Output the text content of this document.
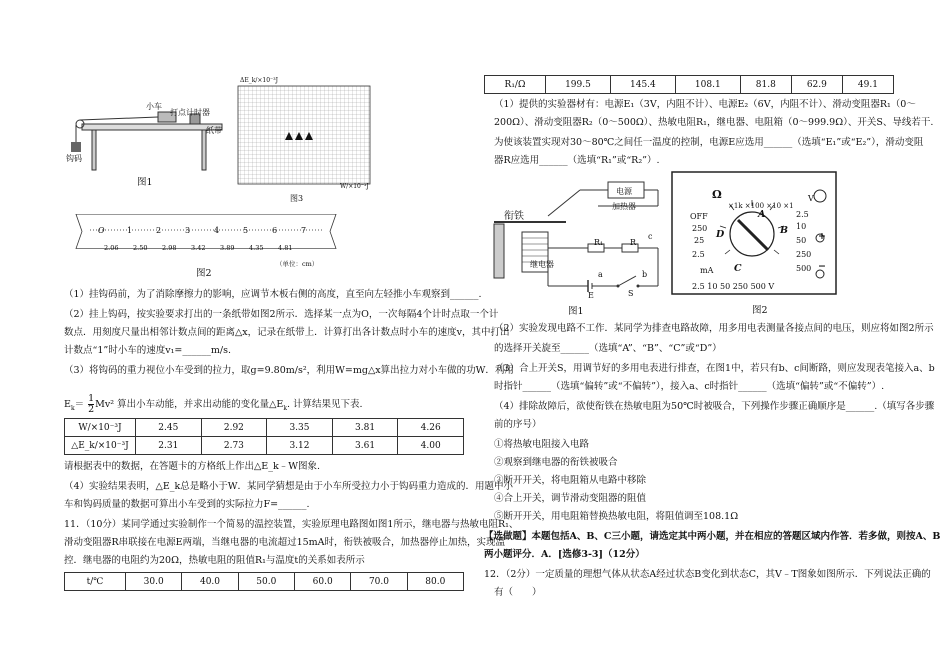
小车
打点计时器
纸带
钩码
图1
ΔE_k/×10⁻³J
W/×10⁻³J
图3
O	1	2	3	4	5	6	7
2.06 2.50 2.98 3.42 3.89 4.35 4.81
（单位：cm）
图2
（1）挂钩码前，为了消除摩擦力的影响，应调节木板右侧的高度，直至向左轻推小车观察到______.
（2）挂上钩码，按实验要求打出的一条纸带如图2所示．选择某一点为O，一次每隔4个计时点取一个计
数点．用刻度尺量出相邻计数点间的距离△x，记录在纸带上．计算打出各计数点时小车的速度v，其中打出
计数点“1”时小车的速度v₁=______m/s.
（3）将钩码的重力视位小车受到的拉力，取g=9.80m/s²，利用W=mg△x算出拉力对小车做的功W．利用
$E_k= \frac{1}{2} Mv^2$ 算出小车动能，并求出动能的变化量$\triangle E_k$. 计算结果见下表.
W/×10⁻³J	2.45	2.92	3.35	3.81	4.26
△E_k/×10⁻³J	2.31	2.73	3.12	3.61	4.00
请根据表中的数据，在答题卡的方格纸上作出△E_k﹣W图象.
（4）实验结果表明，△E_k总是略小于W．某同学猜想是由于小车所受拉力小于钩码重力造成的．用题中小
车和钩码质量的数据可算出小车受到的实际拉力F=______.
11．（10分）某同学通过实验制作一个简易的温控装置，实验原理电路图如图1所示，继电器与热敏电阻R₁、
滑动变阻器R串联接在电源E两端，当继电器的电流超过15mA时，衔铁被吸合，加热器停止加热，实现温
控．继电器的电阻约为20Ω，热敏电阻的阻值R₁与温度t的关系如表所示
t/℃	30.0	40.0	50.0	60.0	70.0	80.0
R₁/Ω	199.5	145.4	108.1	81.8	62.9	49.1
（1）提供的实验器材有：电源E₁（3V，内阻不计）、电源E₂（6V，内阻不计）、滑动变阻器R₁（0～
200Ω）、滑动变阻器R₂（0～500Ω）、热敏电阻R₁，继电器、电阻箱（0～999.9Ω）、开关S、导线若干.
为使该装置实现对30～80℃之间任一温度的控制，电源E应选用______（选填“E₁”或“E₂”），滑动变阻
器R应选用______（选填“R₁”或“R₂”）.
衔铁
电源
加热器
继电器
R₁	R
c
a	b
S
E
图1
Ω
OFF
mA
V
×1k ×100 ×10 ×1
250
25
2.5
2.5
10
50
250
500
2.5 10 50 250 500 V
A
B
C
D	+
−
图2
（2）实验发现电路不工作．某同学为排查电路故障，用多用电表测量各接点间的电压，则应将如图2所示
的选择开关旋至______（选填“A”、“B”、“C”或“D”）
（3）合上开关S，用调节好的多用电表进行排查，在图1中，若只有b、c间断路，则应发现表笔接入a、b
时指针______（选填“偏转”或“不偏转”），接入a、c时指针______（选填“偏转”或“不偏转”）.
（4）排除故障后，欲使衔铁在热敏电阻为50℃时被吸合，下列操作步骤正确顺序是______.（填写各步骤
前的序号）
①将热敏电阻接入电路
②观察到继电器的衔铁被吸合
③断开开关，将电阻箱从电路中移除
④合上开关，调节滑动变阻器的阻值
⑤断开开关，用电阻箱替换热敏电阻，将阻值调至108.1Ω
【选做题】本题包括A、B、C三小题，请选定其中两小题，并在相应的答题区域内作答．若多做，则按A、B
两小题评分．A．[选修3-3]（12分）
12．（2分）一定质量的理想气体从状态A经过状态B变化到状态C，其V﹣T图象如图所示．下列说法正确的
有（　　）
